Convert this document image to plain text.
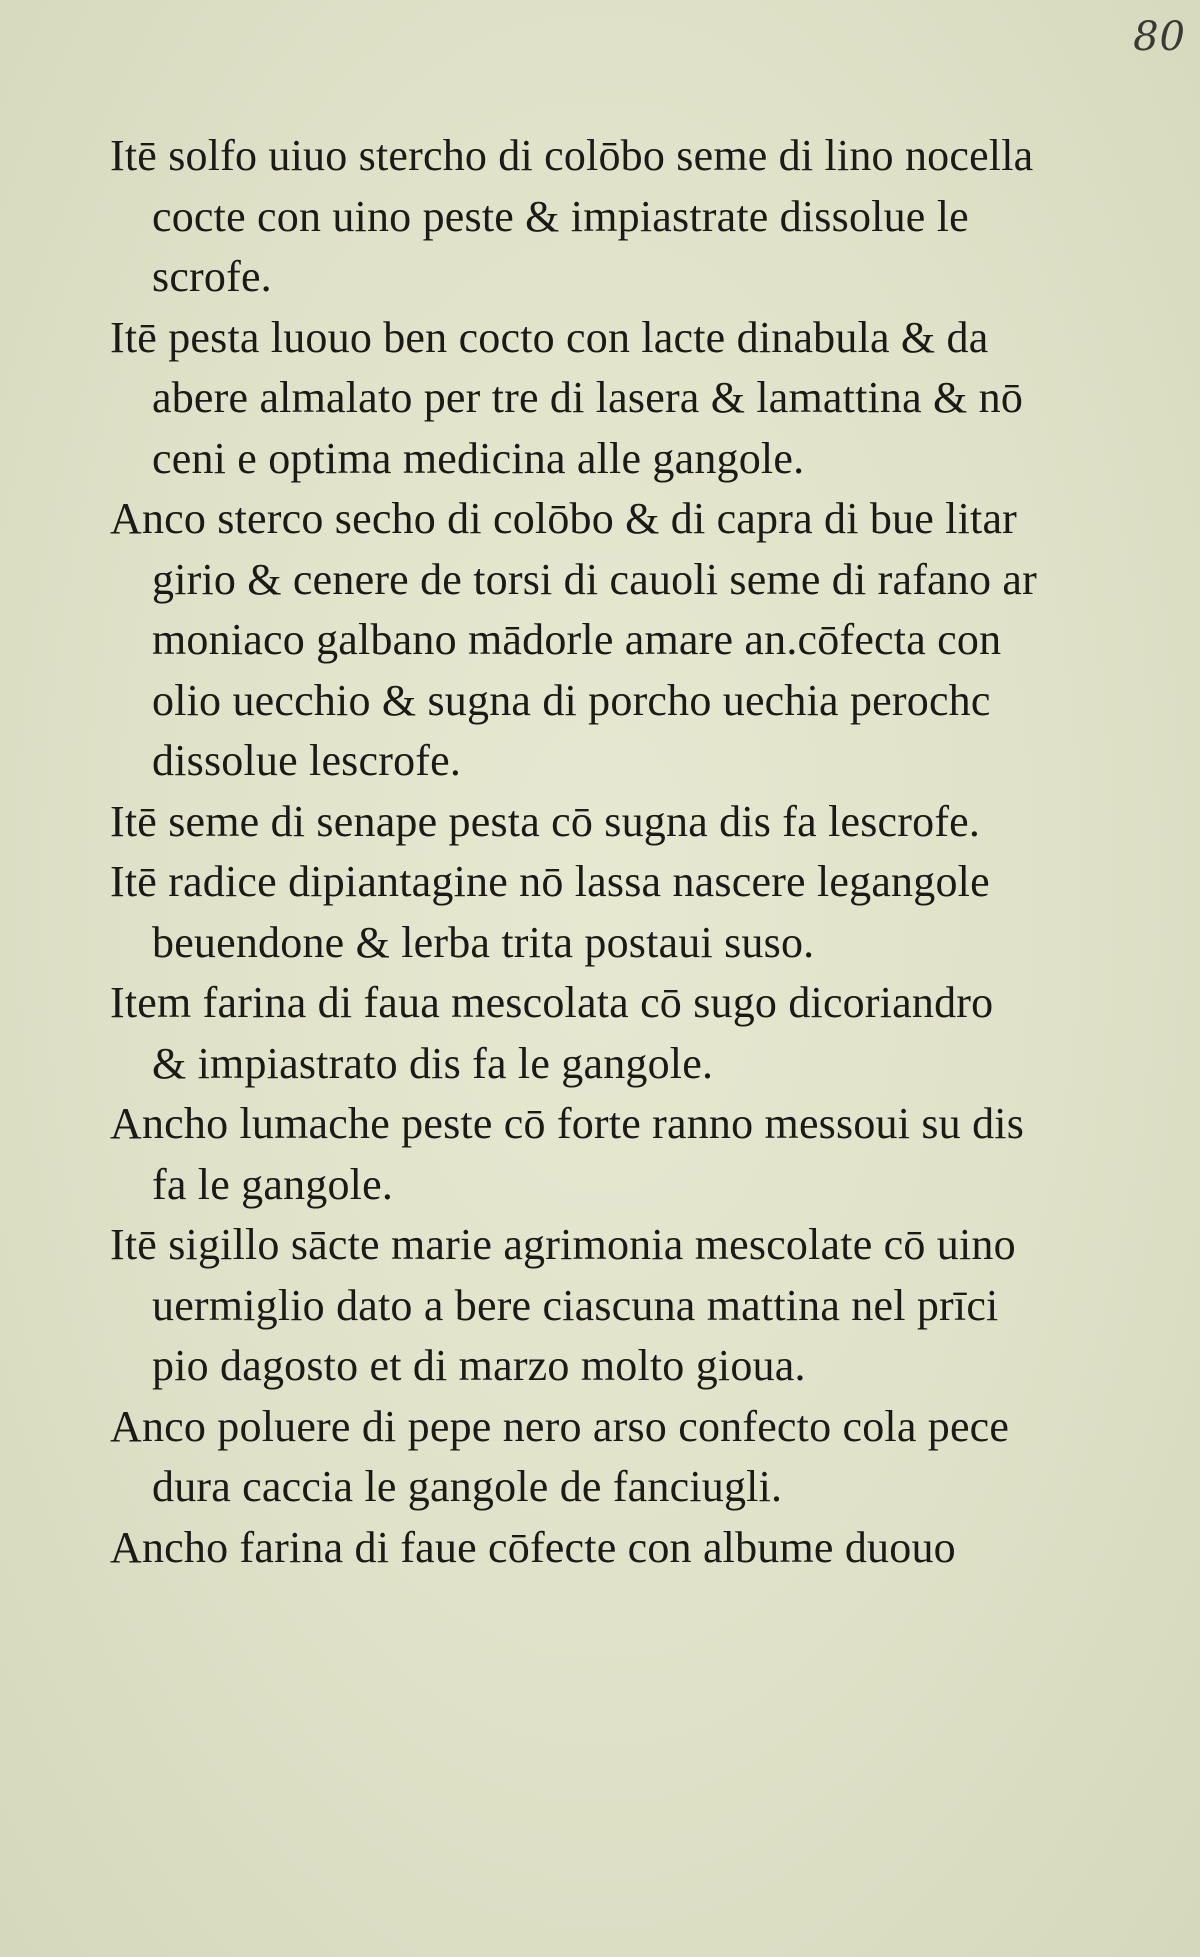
80
Itē solfo uiuo stercho di colōbo seme di lino nocella
cocte con uino peste & impiastrate dissolue le
scrofe.
Itē pesta luouo ben cocto con lacte dinabula & da
abere almalato per tre di lasera & lamattina & nō
ceni e optima medicina alle gangole.
Anco sterco secho di colōbo & di capra di bue litar
girio & cenere de torsi di cauoli seme di rafano ar
moniaco galbano mādorle amare an.cōfecta con
olio uecchio & sugna di porcho uechia perochc
dissolue lescrofe.
Itē seme di senape pesta cō sugna dis fa lescrofe.
Itē radice dipiantagine nō lassa nascere legangole
beuendone & lerba trita postaui suso.
Item farina di faua mescolata cō sugo dicoriandro
& impiastrato dis fa le gangole.
Ancho lumache peste cō forte ranno messoui su dis
fa le gangole.
Itē sigillo sācte marie agrimonia mescolate cō uino
uermiglio dato a bere ciascuna mattina nel prīci
pio dagosto et di marzo molto gioua.
Anco poluere di pepe nero arso confecto cola pece
dura caccia le gangole de fanciugli.
Ancho farina di faue cōfecte con albume duouo
